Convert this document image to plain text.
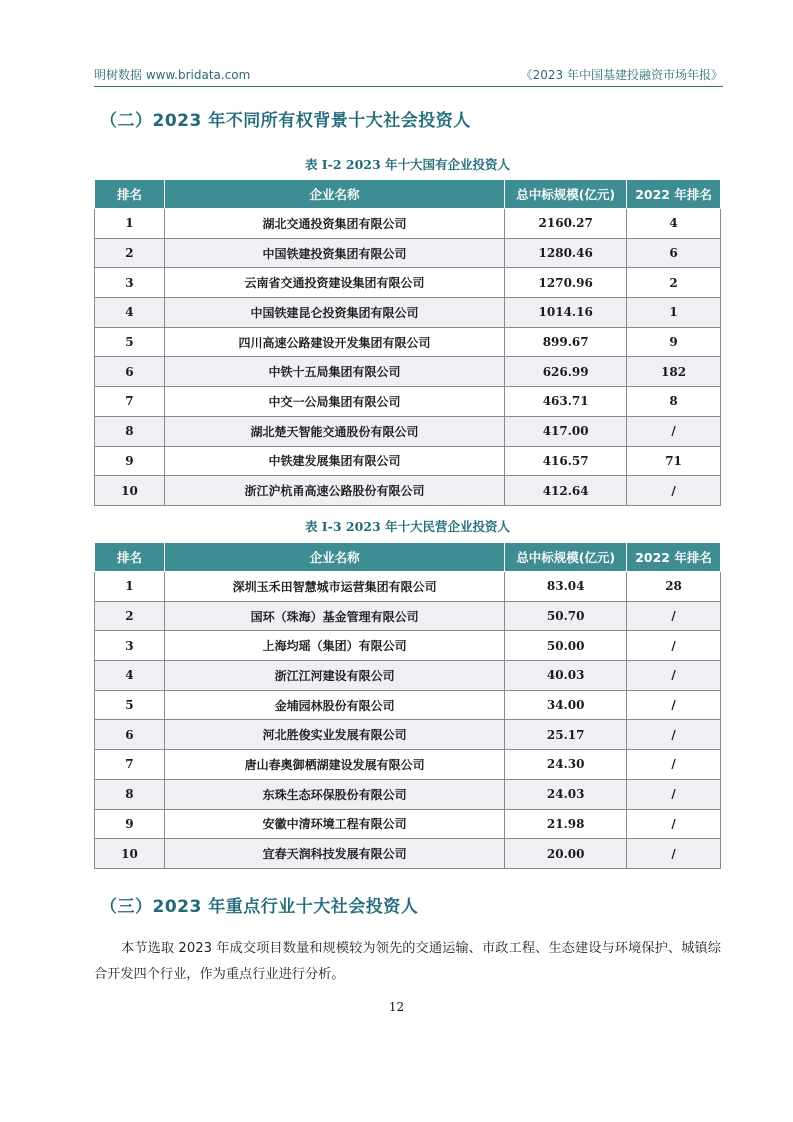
明树数据 www.bridata.com	《2023 年中国基建投融资市场年报》
（二）2023 年不同所有权背景十大社会投资人
表 I-2 2023 年十大国有企业投资人
排名	企业名称	总中标规模(亿元)	2022 年排名
1	湖北交通投资集团有限公司	2160.27	4
2	中国铁建投资集团有限公司	1280.46	6
3	云南省交通投资建设集团有限公司	1270.96	2
4	中国铁建昆仑投资集团有限公司	1014.16	1
5	四川高速公路建设开发集团有限公司	899.67	9
6	中铁十五局集团有限公司	626.99	182
7	中交一公局集团有限公司	463.71	8
8	湖北楚天智能交通股份有限公司	417.00	/
9	中铁建发展集团有限公司	416.57	71
10	浙江沪杭甬高速公路股份有限公司	412.64	/
表 I-3 2023 年十大民营企业投资人
排名	企业名称	总中标规模(亿元)	2022 年排名
1	深圳玉禾田智慧城市运营集团有限公司	83.04	28
2	国环（珠海）基金管理有限公司	50.70	/
3	上海均瑶（集团）有限公司	50.00	/
4	浙江江河建设有限公司	40.03	/
5	金埔园林股份有限公司	34.00	/
6	河北胜俊实业发展有限公司	25.17	/
7	唐山春奥御栖湖建设发展有限公司	24.30	/
8	东珠生态环保股份有限公司	24.03	/
9	安徽中清环境工程有限公司	21.98	/
10	宜春天润科技发展有限公司	20.00	/
（三）2023 年重点行业十大社会投资人
本节选取 2023 年成交项目数量和规模较为领先的交通运输、市政工程、生态建设与环境保护、城镇综合开发四个行业，作为重点行业进行分析。
12
